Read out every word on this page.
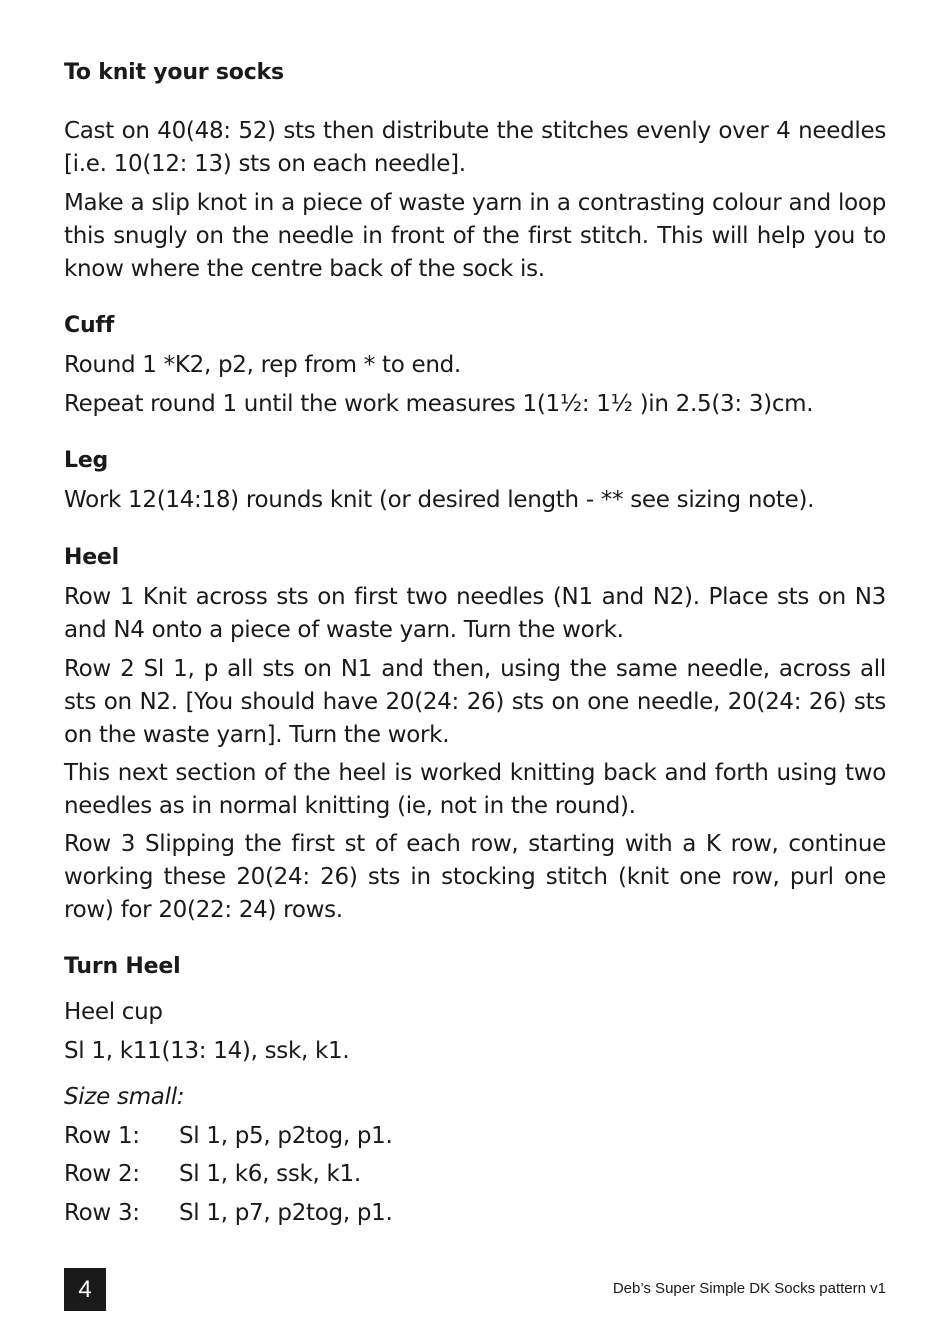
To knit your socks

Cast on 40(48: 52) sts then distribute the stitches evenly over 4 needles [i.e. 10(12: 13) sts on each needle].

Make a slip knot in a piece of waste yarn in a contrasting colour and loop this snugly on the needle in front of the first stitch. This will help you to know where the centre back of the sock is.

Cuff

Round 1 *K2, p2, rep from * to end.

Repeat round 1 until the work measures 1(1½: 1½ )in 2.5(3: 3)cm.

Leg

Work 12(14:18) rounds knit (or desired length - ** see sizing note).

Heel

Row 1 Knit across sts on first two needles (N1 and N2). Place sts on N3 and N4 onto a piece of waste yarn. Turn the work.

Row 2 Sl 1, p all sts on N1 and then, using the same needle, across all sts on N2. [You should have 20(24: 26) sts on one needle, 20(24: 26) sts on the waste yarn]. Turn the work.

This next section of the heel is worked knitting back and forth using two needles as in normal knitting (ie, not in the round).

Row 3 Slipping the first st of each row, starting with a K row, continue working these 20(24: 26) sts in stocking stitch (knit one row, purl one row) for 20(22: 24) rows.

Turn Heel
Heel cup
Sl 1, k11(13: 14), ssk, k1.
Size small:
Row 1: Sl 1, p5, p2tog, p1.
Row 2: Sl 1, k6, ssk, k1.
Row 3: Sl 1, p7, p2tog, p1.
4	Deb’s Super Simple DK Socks pattern v1
